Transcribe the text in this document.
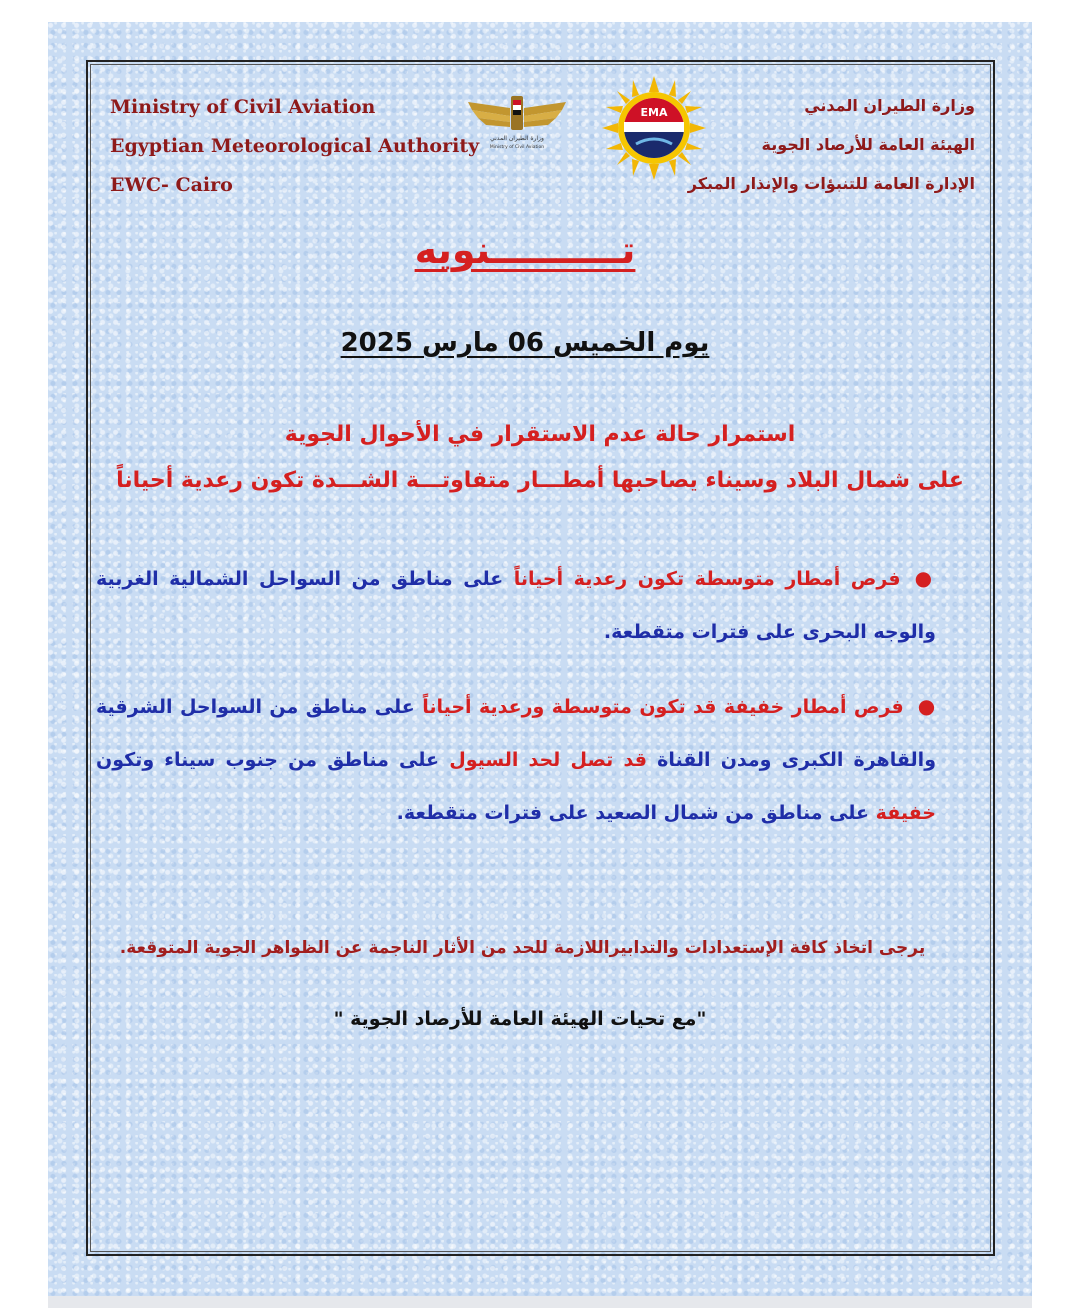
Ministry of Civil Aviation
Egyptian Meteorological Authority
EWC- Cairo
وزارة الطيران المدني
الهيئة العامة للأرصاد الجوية
الإدارة العامة للتنبؤات والإنذار المبكر
وزارة الطيران المدني
Ministry of Civil Aviation
EMA
تــــــــــنويه
يوم الخميس 06 مارس 2025
استمرار حالة عدم الاستقرار في الأحوال الجوية
على شمال البلاد وسيناء يصاحبها أمطـــار متفاوتـــة الشـــدة تكون رعدية أحياناً
●فرص أمطار متوسطة تكون رعدية أحياناً على مناطق من السواحل الشمالية الغربية والوجه البحرى على فترات متقطعة.
●فرص أمطار خفيفة قد تكون متوسطة ورعدية أحياناً على مناطق من السواحل الشرقية والقاهرة الكبرى ومدن القناة قد تصل لحد السيول على مناطق من جنوب سيناء وتكون خفيفة على مناطق من شمال الصعيد على فترات متقطعة.
يرجى اتخاذ كافة الإستعدادات والتدابيراللازمة للحد من الأثار الناجمة عن الظواهر الجوية المتوقعة.
"مع تحيات الهيئة العامة للأرصاد الجوية "
